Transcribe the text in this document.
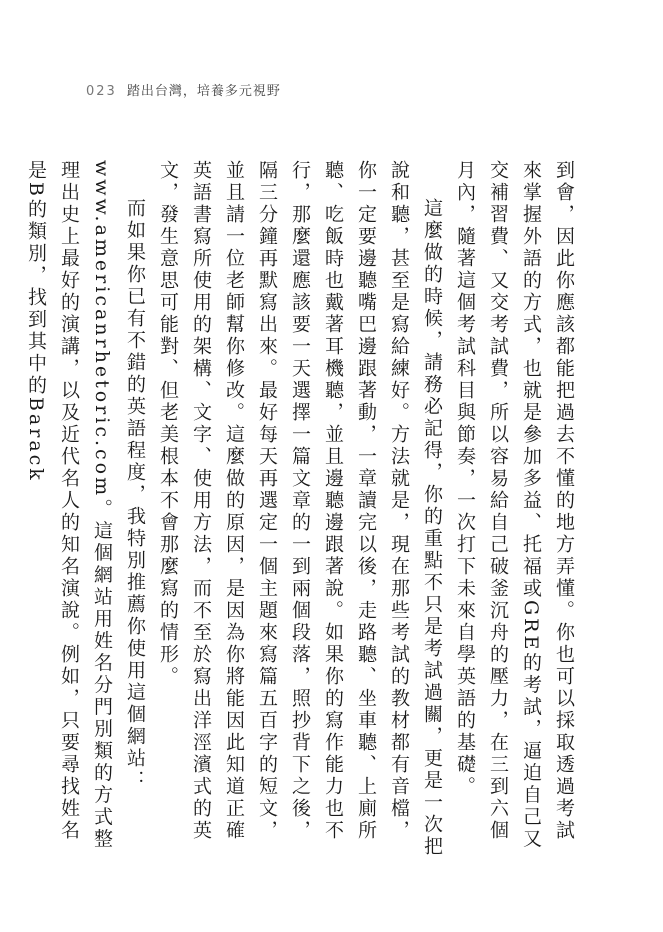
023 踏出台灣，培養多元視野

到會，因此你應該都能把過去不懂的地方弄懂。你也可以採取透過考試來掌握外語的方式，也就是參加多益、托福或GRE的考試，逼迫自己又交補習費、又交考試費，所以容易給自己破釜沉舟的壓力，在三到六個月內，隨著這個考試科目與節奏，一次打下未來自學英語的基礎。

這麼做的時候，請務必記得，你的重點不只是考試過關，更是一次把說和聽，甚至是寫給練好。方法就是，現在那些考試的教材都有音檔，你一定要邊聽嘴巴邊跟著動，一章讀完以後，走路聽、坐車聽、上廁所聽、吃飯時也戴著耳機聽，並且邊聽邊跟著說。如果你的寫作能力也不行，那麼還應該要一天選擇一篇文章的一到兩個段落，照抄背下之後，隔三分鐘再默寫出來。最好每天再選定一個主題來寫篇五百字的短文，並且請一位老師幫你修改。這麼做的原因，是因為你將能因此知道正確英語書寫所使用的架構、文字、使用方法，而不至於寫出洋涇濱式的英文，發生意思可能對、但老美根本不會那麼寫的情形。

而如果你已有不錯的英語程度，我特別推薦你使用這個網站：www.americanrhetoric.com。這個網站用姓名分門別類的方式整理出史上最好的演講，以及近代名人的知名演說。例如，只要尋找姓名是B的類別，找到其中的Barack
